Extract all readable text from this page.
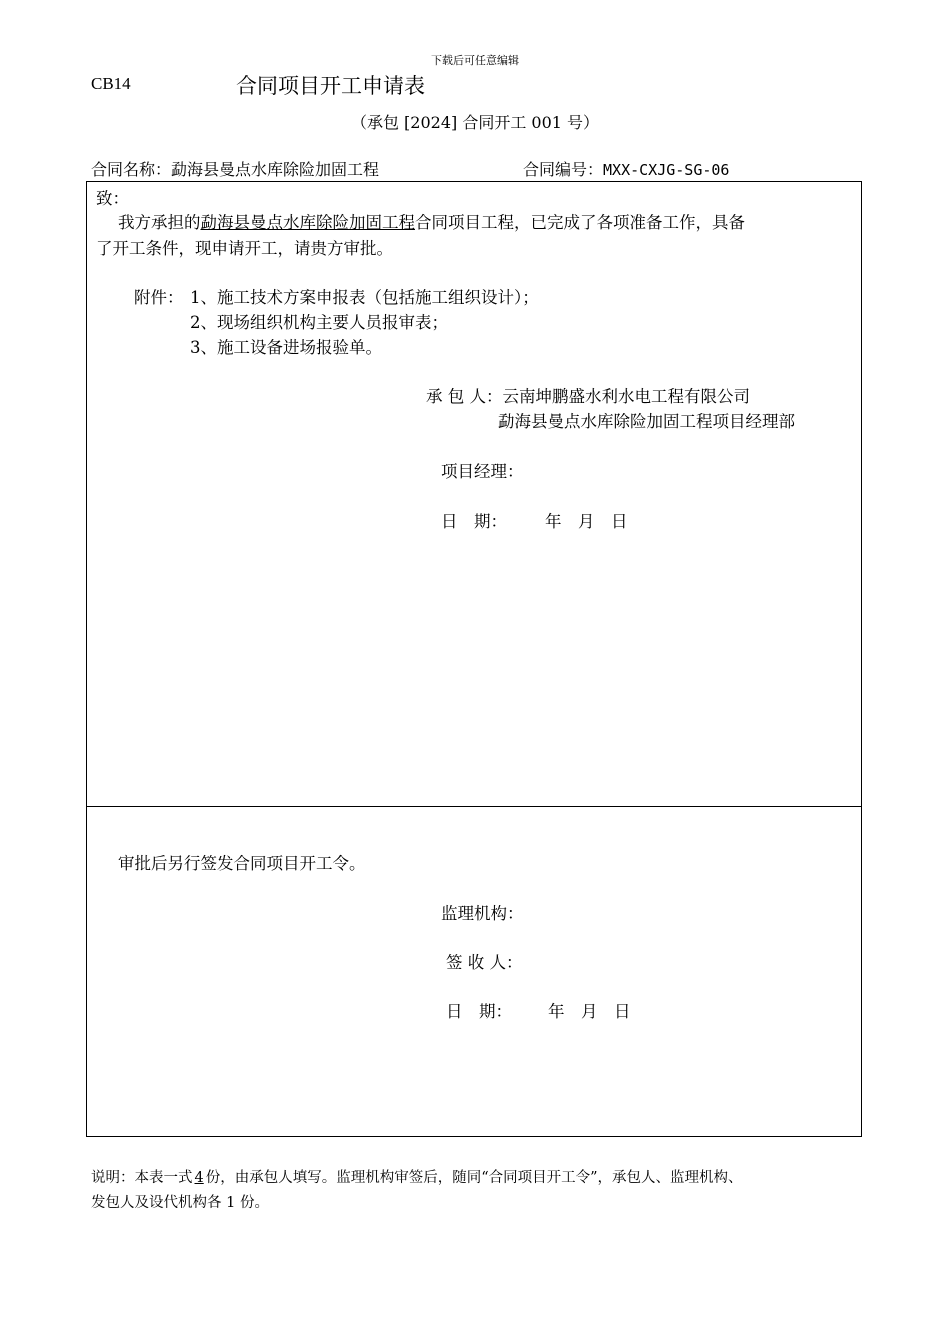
下载后可任意编辑
CB14	合同项目开工申请表
（承包 [2024] 合同开工 001 号）
合同名称：勐海县曼点水库除险加固工程	合同编号：MXX-CXJG-SG-06
致：
我方承担的勐海县曼点水库除险加固工程合同项目工程，已完成了各项准备工作，具备
了开工条件，现申请开工，请贵方审批。
附件： 1、施工技术方案申报表（包括施工组织设计）；
2、现场组织机构主要人员报审表；
3、施工设备进场报验单。
承 包 人：云南坤鹏盛水利水电工程有限公司
勐海县曼点水库除险加固工程项目经理部
项目经理：
日　期： 年　月　日
审批后另行签发合同项目开工令。
监理机构：
签 收 人：
日　期： 年　月　日
说明：本表一式 4 份，由承包人填写。监理机构审签后，随同“合同项目开工令”，承包人、监理机构、
发包人及设代机构各 1 份。
